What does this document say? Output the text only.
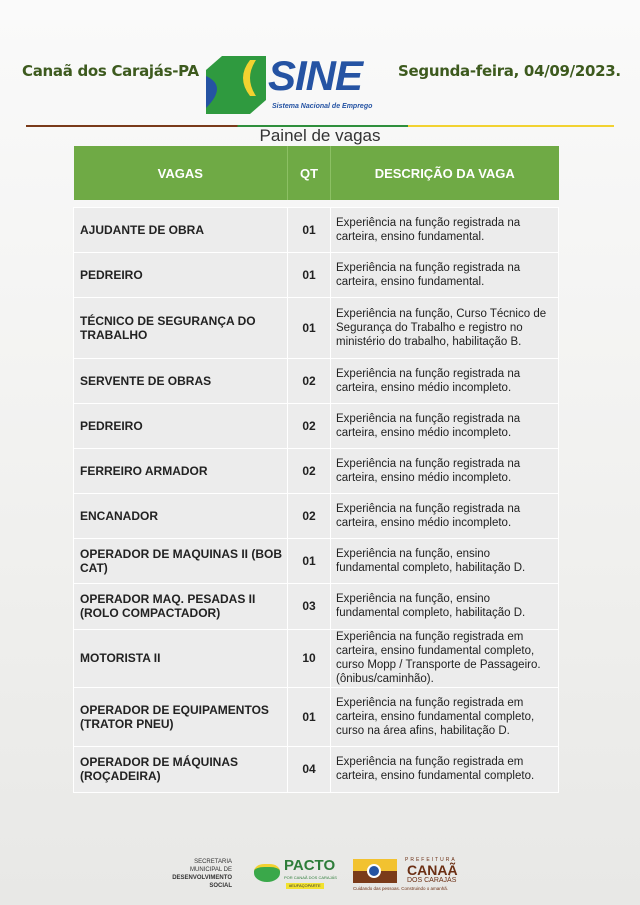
Canaã dos Carajás-PA SINE
Sistema Nacional de Emprego
Segunda-feira, 04/09/2023.
Painel de vagas
VAGAS	QT	DESCRIÇÃO DA VAGA

AJUDANTE DE OBRA	01	Experiência na função registrada na carteira, ensino fundamental.
PEDREIRO	01	Experiência na função registrada na carteira, ensino fundamental.
TÉCNICO DE SEGURANÇA DO TRABALHO	01	Experiência na função, Curso Técnico de Segurança do Trabalho e registro no ministério do trabalho, habilitação B.
SERVENTE DE OBRAS	02	Experiência na função registrada na carteira, ensino médio incompleto.
PEDREIRO	02	Experiência na função registrada na carteira, ensino médio incompleto.
FERREIRO ARMADOR	02	Experiência na função registrada na carteira, ensino médio incompleto.
ENCANADOR	02	Experiência na função registrada na carteira, ensino médio incompleto.
OPERADOR DE MAQUINAS II (BOB CAT)	01	Experiência na função, ensino fundamental completo, habilitação D.
OPERADOR MAQ. PESADAS II (ROLO COMPACTADOR)	03	Experiência na função, ensino fundamental completo, habilitação D.
MOTORISTA II	10	Experiência na função registrada em carteira, ensino fundamental completo, curso Mopp / Transporte de Passageiro. (ônibus/caminhão).
OPERADOR DE EQUIPAMENTOS (TRATOR PNEU)	01	Experiência na função registrada em carteira, ensino fundamental completo, curso na área afins, habilitação D.
OPERADOR DE MÁQUINAS (ROÇADEIRA)	04	Experiência na função registrada em carteira, ensino fundamental completo.
SECRETARIA
MUNICIPAL DE
DESENVOLVIMENTO
SOCIAL
PACTO
POR CANAÃ DOS CARAJÁS
#EUFAÇOPARTE
PREFEITURA
CANAÃ
DOS CARAJÁS
Cuidando das pessoas. Construindo o amanhã.
